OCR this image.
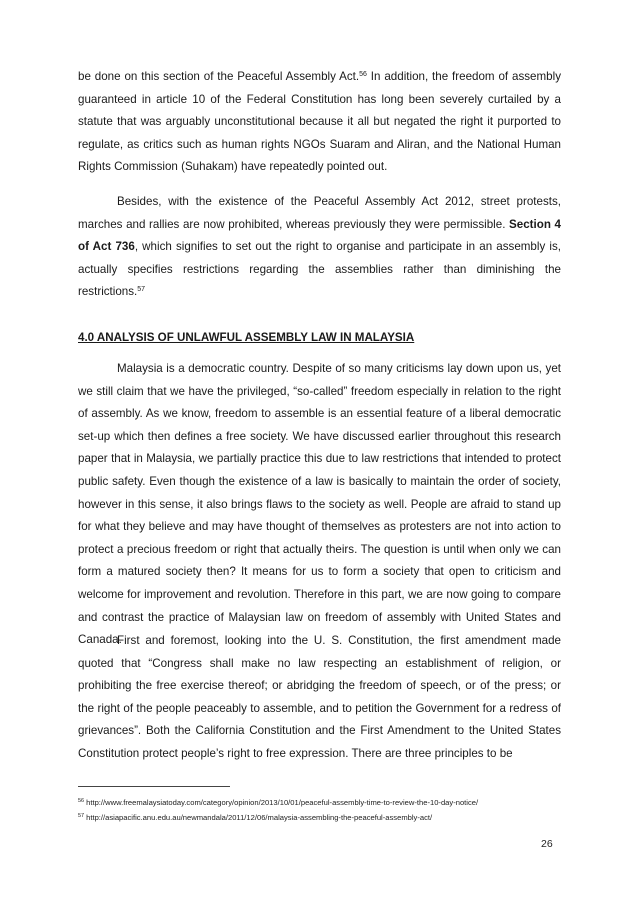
be done on this section of the Peaceful Assembly Act.$^{56}$ In addition, the freedom of assembly guaranteed in article 10 of the Federal Constitution has long been severely curtailed by a statute that was arguably unconstitutional because it all but negated the right it purported to regulate, as critics such as human rights NGOs Suaram and Aliran, and the National Human Rights Commission (Suhakam) have repeatedly pointed out.

Besides, with the existence of the Peaceful Assembly Act 2012, street protests, marches and rallies are now prohibited, whereas previously they were permissible. Section 4 of Act 736, which signifies to set out the right to organise and participate in an assembly is, actually specifies restrictions regarding the assemblies rather than diminishing the restrictions.$^{57}$

4.0 ANALYSIS OF UNLAWFUL ASSEMBLY LAW IN MALAYSIA

Malaysia is a democratic country. Despite of so many criticisms lay down upon us, yet we still claim that we have the privileged, “so-called” freedom especially in relation to the right of assembly. As we know, freedom to assemble is an essential feature of a liberal democratic set-up which then defines a free society. We have discussed earlier throughout this research paper that in Malaysia, we partially practice this due to law restrictions that intended to protect public safety. Even though the existence of a law is basically to maintain the order of society, however in this sense, it also brings flaws to the society as well. People are afraid to stand up for what they believe and may have thought of themselves as protesters are not into action to protect a precious freedom or right that actually theirs. The question is until when only we can form a matured society then? It means for us to form a society that open to criticism and welcome for improvement and revolution. Therefore in this part, we are now going to compare and contrast the practice of Malaysian law on freedom of assembly with United States and Canada.

First and foremost, looking into the U. S. Constitution, the first amendment made quoted that “Congress shall make no law respecting an establishment of religion, or prohibiting the free exercise thereof; or abridging the freedom of speech, or of the press; or the right of the people peaceably to assemble, and to petition the Government for a redress of grievances”. Both the California Constitution and the First Amendment to the United States Constitution protect people’s right to free expression. There are three principles to be

$^{56}$ http://www.freemalaysiatoday.com/category/opinion/2013/10/01/peaceful-assembly-time-to-review-the-10-day-notice/
$^{57}$ http://asiapacific.anu.edu.au/newmandala/2011/12/06/malaysia-assembling-the-peaceful-assembly-act/
26
